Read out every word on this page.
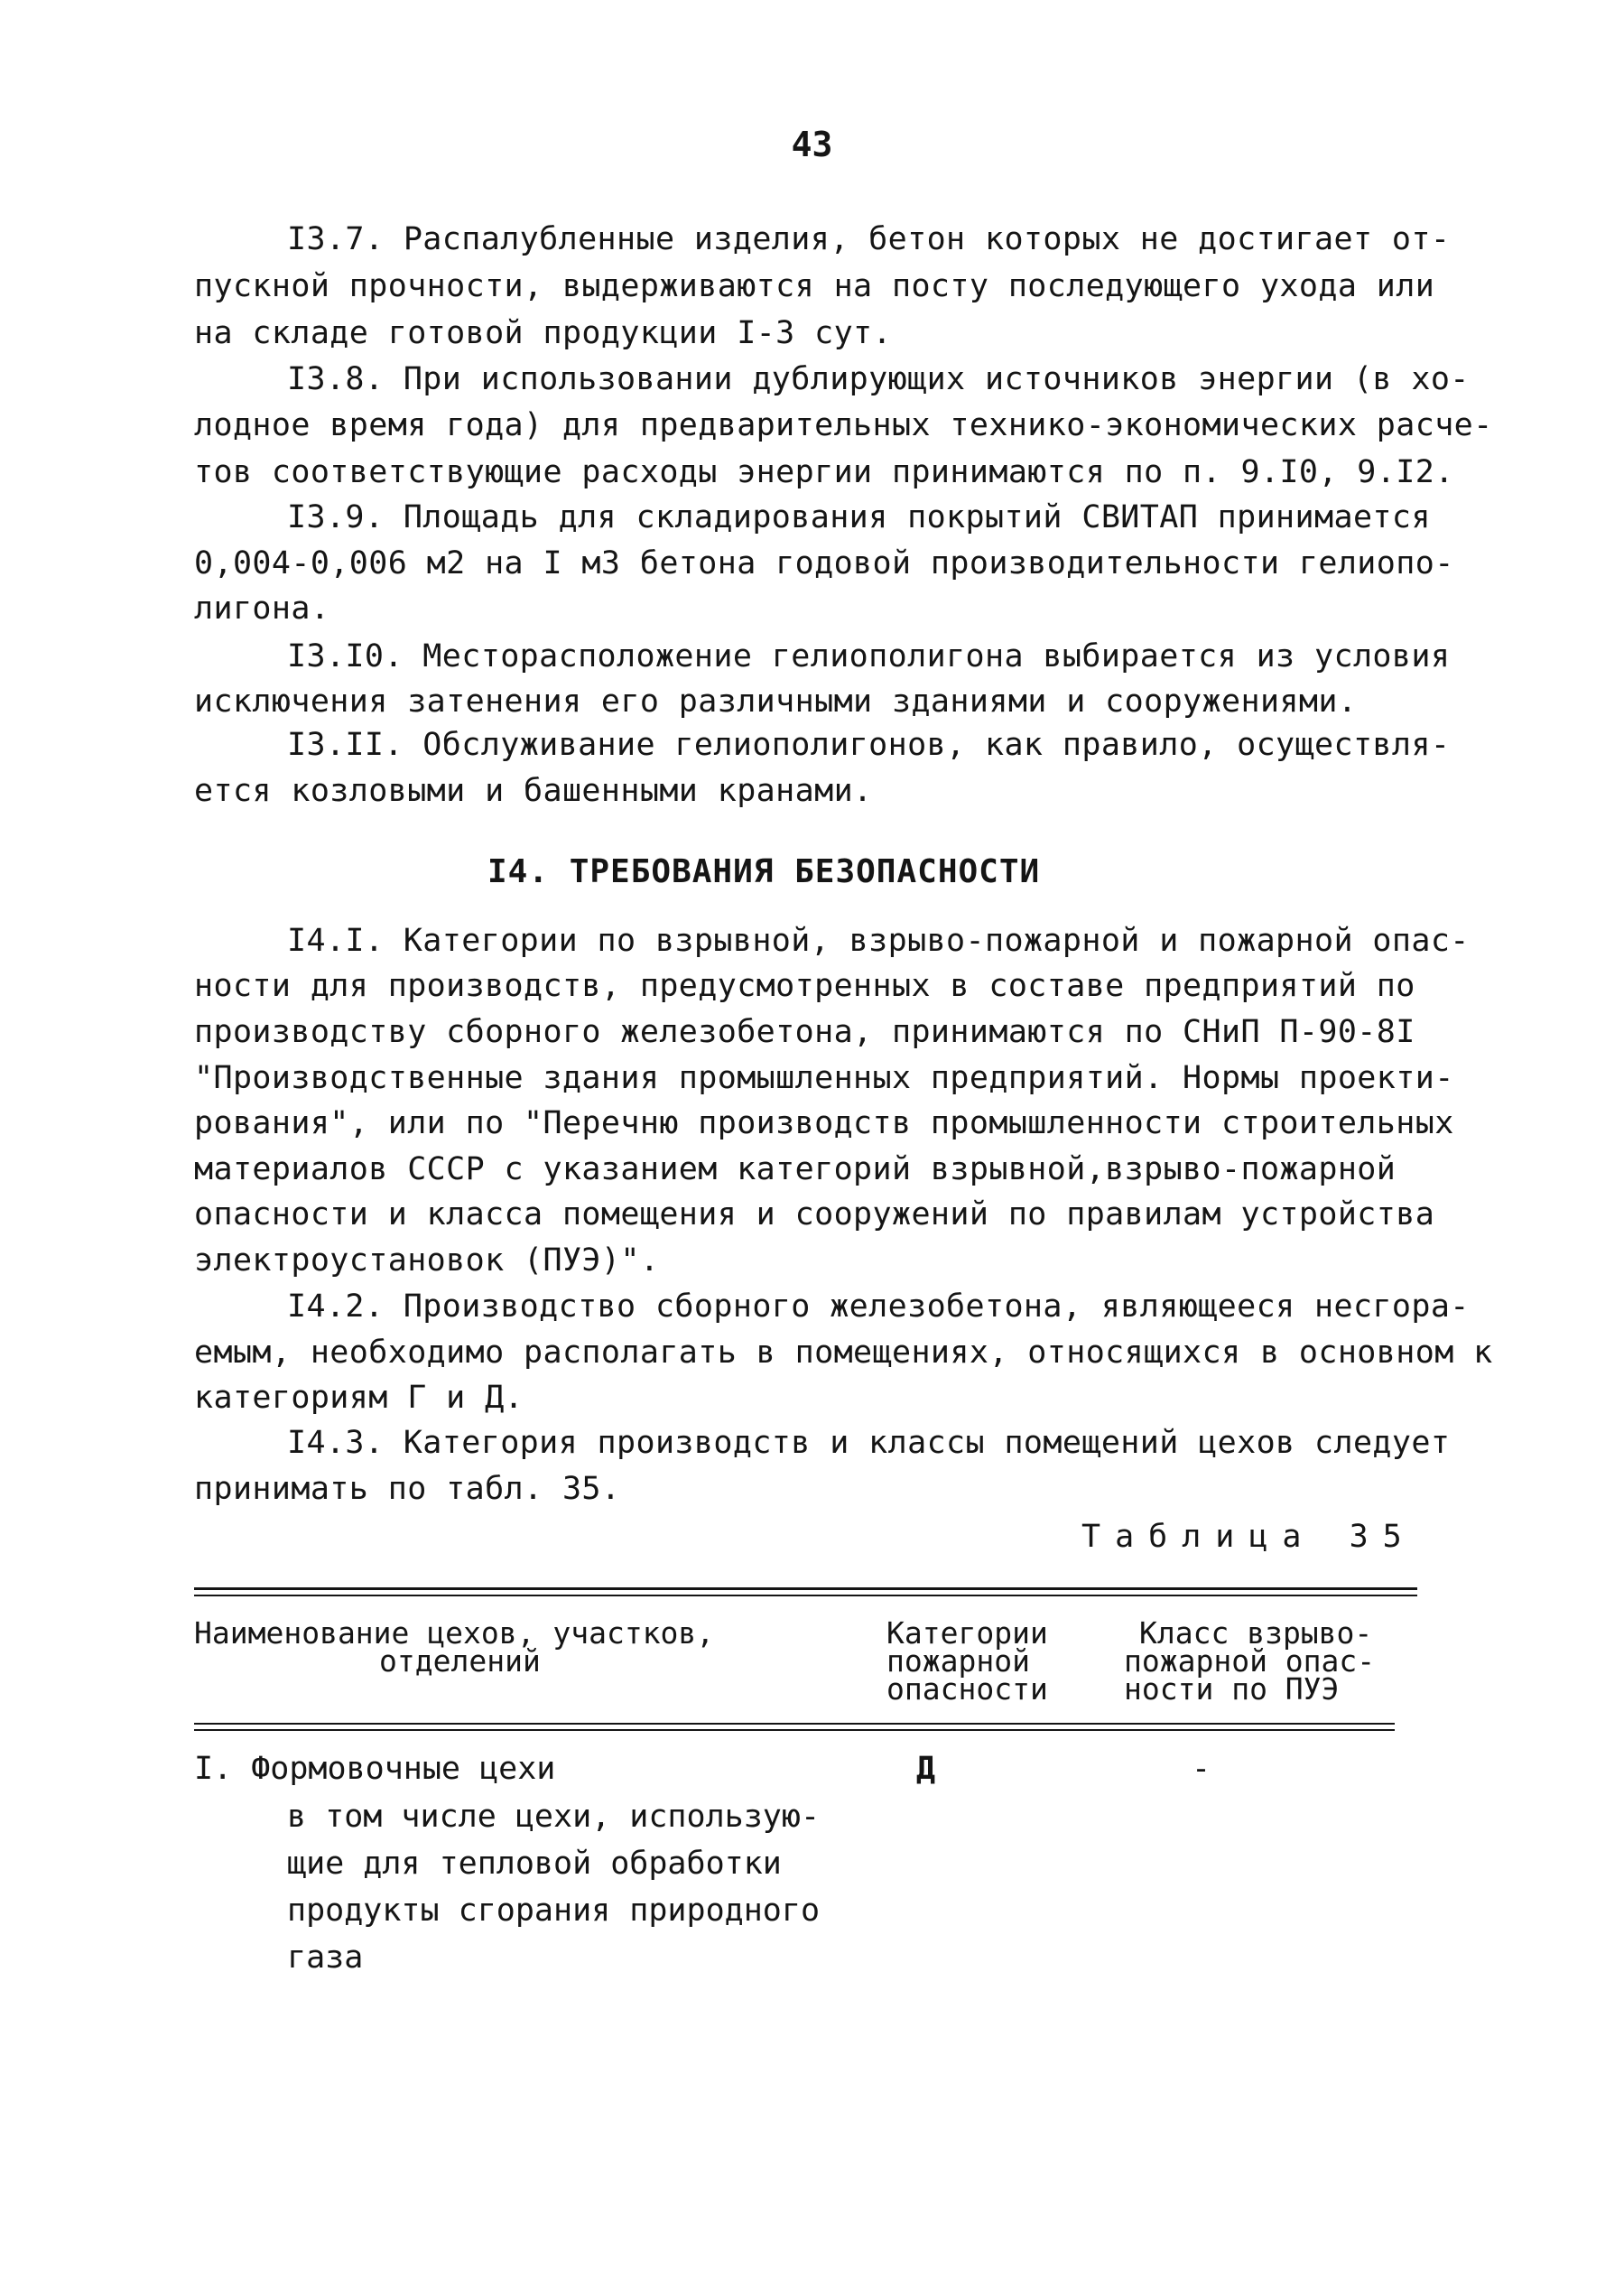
43
I3.7. Распалубленные изделия, бетон которых не достигает от-
пускной прочности, выдерживаются на посту последующего ухода или
на складе готовой продукции I-3 сут.
I3.8. При использовании дублирующих источников энергии (в хо-
лодное время года) для предварительных технико-экономических расче-
тов соответствующие расходы энергии принимаются по п. 9.I0, 9.I2.
I3.9. Площадь для складирования покрытий СВИТАП принимается
0,004-0,006 м2 на I м3 бетона годовой производительности гелиопо-
лигона.
I3.I0. Месторасположение гелиополигона выбирается из условия
исключения затенения его различными зданиями и сооружениями.
I3.II. Обслуживание гелиополигонов, как правило, осуществля-
ется козловыми и башенными кранами.
I4. ТРЕБОВАНИЯ БЕЗОПАСНОСТИ
I4.I. Категории по взрывной, взрыво-пожарной и пожарной опас-
ности для производств, предусмотренных в составе предприятий по
производству сборного железобетона, принимаются по СНиП П-90-8I
"Производственные здания промышленных предприятий. Нормы проекти-
рования", или по "Перечню производств промышленности строительных
материалов СССР с указанием категорий взрывной,взрыво-пожарной
опасности и класса помещения и сооружений по правилам устройства
электроустановок (ПУЭ)".
I4.2. Производство сборного железобетона, являющееся несгора-
емым, необходимо располагать в помещениях, относящихся в основном к
категориям Г и Д.
I4.3. Категория производств и классы помещений цехов следует
принимать по табл. 35.
Таблица 35
Наименование цехов, участков,
отделений
Категории
пожарной
опасности
Класс взрыво-
пожарной опас-
ности по ПУЭ
I. Формовочные цехи
в том числе цехи, использую-
щие для тепловой обработки
продукты сгорания природного
газа
Д	-
